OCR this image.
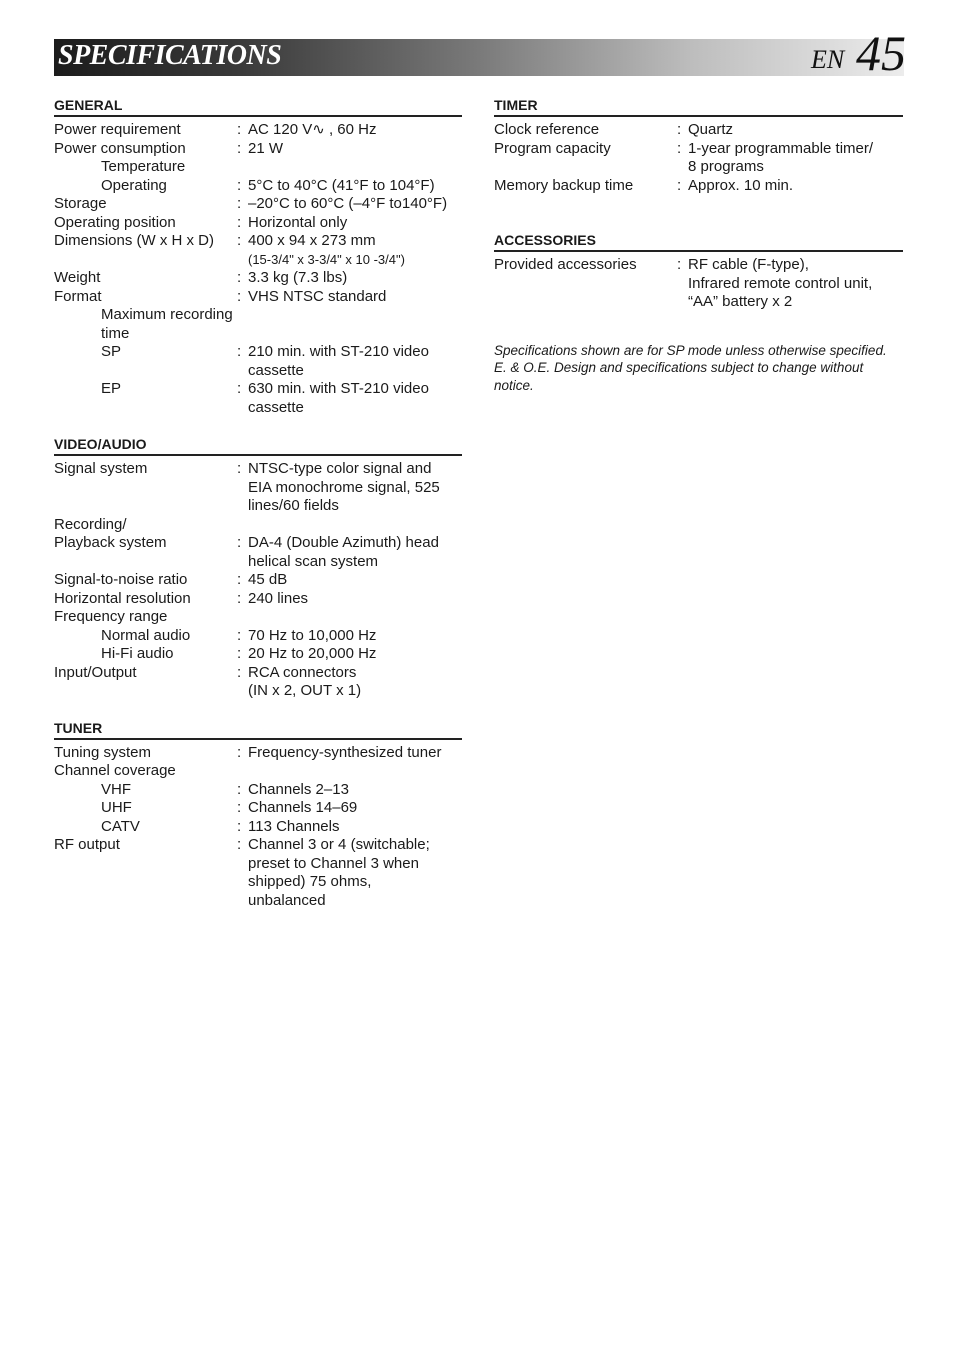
SPECIFICATIONS	EN 45
GENERAL
Power requirement	: AC 120 V∿ , 60 Hz
Power consumption	: 21 W
Temperature
Operating	: 5°C to 40°C (41°F to 104°F)
Storage	: –20°C to 60°C (–4°F to140°F)
Operating position	: Horizontal only
Dimensions (W x H x D)	: 400 x 94 x 273 mm
(15-3/4" x 3-3/4" x 10 -3/4")
Weight	: 3.3 kg (7.3 lbs)
Format	: VHS NTSC standard
Maximum recording time
SP	: 210 min. with ST-210 video
cassette
EP	: 630 min. with ST-210 video
cassette
VIDEO/AUDIO
Signal system	: NTSC-type color signal and
EIA monochrome signal, 525
lines/60 fields
Recording/
Playback system	: DA-4 (Double Azimuth) head
helical scan system
Signal-to-noise ratio	: 45 dB
Horizontal resolution	: 240 lines
Frequency range
Normal audio	: 70 Hz to 10,000 Hz
Hi-Fi audio	: 20 Hz to 20,000 Hz
Input/Output	: RCA connectors
(IN x 2, OUT x 1)
TUNER
Tuning system	: Frequency-synthesized tuner
Channel coverage
VHF	: Channels 2–13
UHF	: Channels 14–69
CATV	: 113 Channels
RF output	: Channel 3 or 4 (switchable;
preset to Channel 3 when
shipped) 75 ohms,
unbalanced
TIMER
Clock reference	: Quartz
Program capacity	: 1-year programmable timer/
8 programs
Memory backup time	: Approx. 10 min.
ACCESSORIES
Provided accessories	: RF cable (F-type),
Infrared remote control unit,
“AA” battery x 2
Specifications shown are for SP mode unless otherwise specified.
E. & O.E. Design and specifications subject to change without
notice.
